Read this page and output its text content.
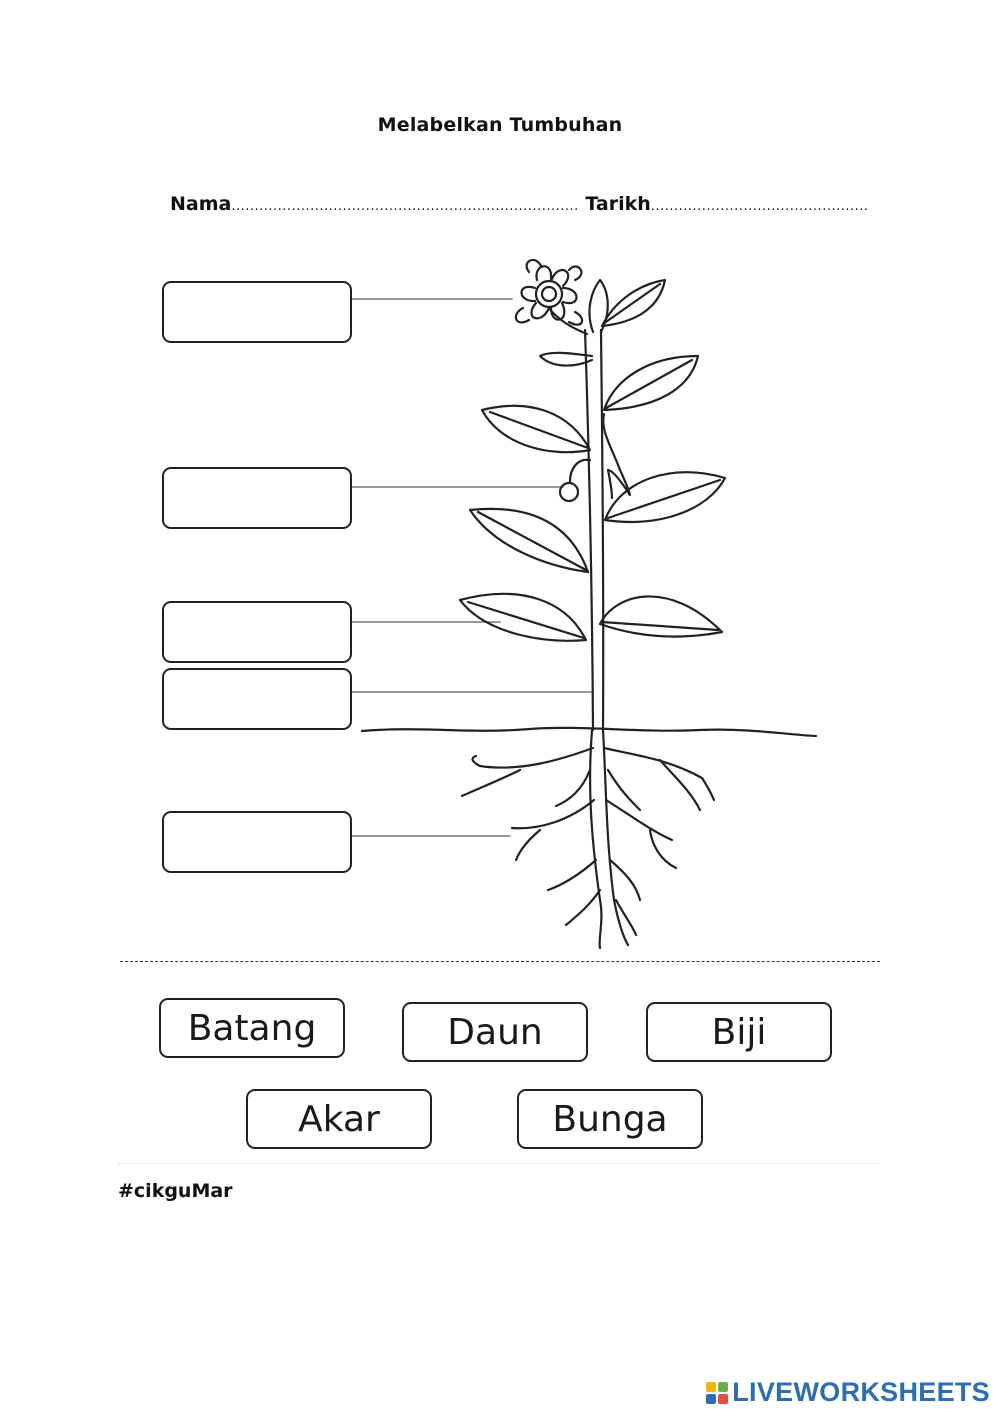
Melabelkan Tumbuhan
Nama........................................................................... Tarikh...............................................
Batang	Daun	Biji
Akar	Bunga
#cikguMar
LIVEWORKSHEETS
